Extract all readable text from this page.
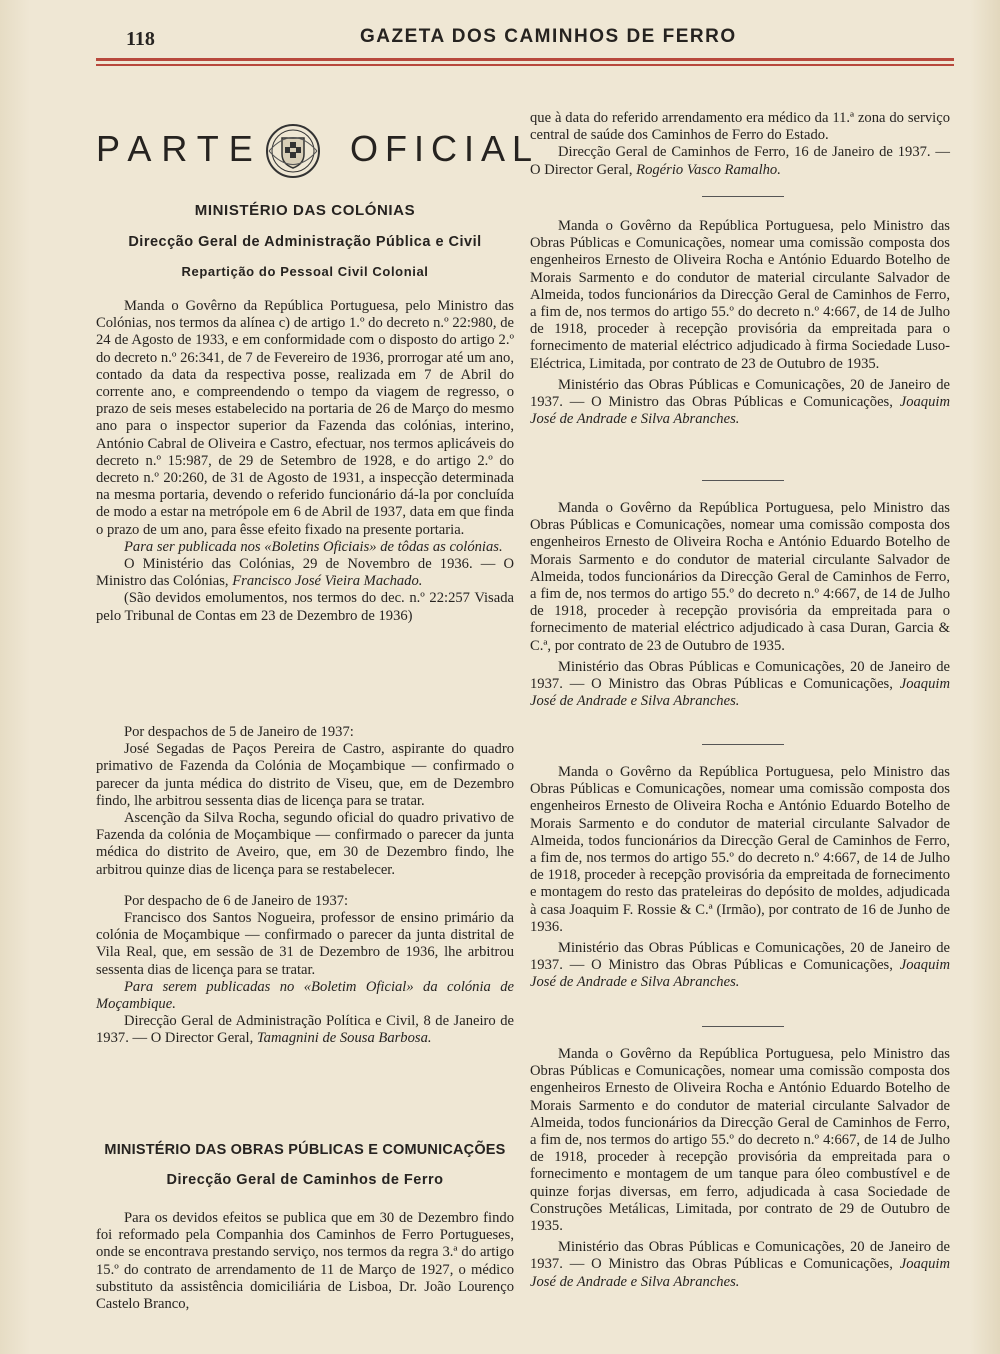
118	GAZETA DOS CAMINHOS DE FERRO
PARTE OFICIAL
MINISTÉRIO DAS COLÓNIAS
Direcção Geral de Administração Pública e Civil
Repartição do Pessoal Civil Colonial

Manda o Govêrno da República Portuguesa, pelo Ministro das Colónias, nos termos da alínea c) de artigo 1.º do decreto n.º 22:980, de 24 de Agosto de 1933, e em conformidade com o disposto do artigo 2.º do decreto n.º 26:341, de 7 de Fevereiro de 1936, prorrogar até um ano, contado da data da respectiva posse, realizada em 7 de Abril do corrente ano, e compreendendo o tempo da viagem de regresso, o prazo de seis meses estabelecido na portaria de 26 de Março do mesmo ano para o inspector superior da Fazenda das colónias, interino, António Cabral de Oliveira e Castro, efectuar, nos termos aplicáveis do decreto n.º 15:987, de 29 de Setembro de 1928, e do artigo 2.º do decreto n.º 20:260, de 31 de Agosto de 1931, a inspecção determinada na mesma portaria, devendo o referido funcionário dá-la por concluída de modo a estar na metrópole em 6 de Abril de 1937, data em que finda o prazo de um ano, para êsse efeito fixado na presente portaria.

Para ser publicada nos «Boletins Oficiais» de tôdas as colónias.

O Ministério das Colónias, 29 de Novembro de 1936. — O Ministro das Colónias, Francisco José Vieira Machado.

(São devidos emolumentos, nos termos do dec. n.º 22:257 Visada pelo Tribunal de Contas em 23 de Dezembro de 1936)

Por despachos de 5 de Janeiro de 1937:

José Segadas de Paços Pereira de Castro, aspirante do quadro primativo de Fazenda da Colónia de Moçambique — confirmado o parecer da junta médica do distrito de Viseu, que, em de Dezembro findo, lhe arbitrou sessenta dias de licença para se tratar.

Ascenção da Silva Rocha, segundo oficial do quadro privativo de Fazenda da colónia de Moçambique — confirmado o parecer da junta médica do distrito de Aveiro, que, em 30 de Dezembro findo, lhe arbitrou quinze dias de licença para se restabelecer.

Por despacho de 6 de Janeiro de 1937:

Francisco dos Santos Nogueira, professor de ensino primário da colónia de Moçambique — confirmado o parecer da junta distrital de Vila Real, que, em sessão de 31 de Dezembro de 1936, lhe arbitrou sessenta dias de licença para se tratar.

Para serem publicadas no «Boletim Oficial» da colónia de Moçambique.

Direcção Geral de Administração Política e Civil, 8 de Janeiro de 1937. — O Director Geral, Tamagnini de Sousa Barbosa.

MINISTÉRIO DAS OBRAS PÚBLICAS E COMUNICAÇÕES
Direcção Geral de Caminhos de Ferro

Para os devidos efeitos se publica que em 30 de Dezembro findo foi reformado pela Companhia dos Caminhos de Ferro Portugueses, onde se encontrava prestando serviço, nos termos da regra 3.ª do artigo 15.º do contrato de arrendamento de 11 de Março de 1927, o médico substituto da assistência domiciliária de Lisboa, Dr. João Lourenço Castelo Branco,

que à data do referido arrendamento era médico da 11.ª zona do serviço central de saúde dos Caminhos de Ferro do Estado.

Direcção Geral de Caminhos de Ferro, 16 de Janeiro de 1937. — O Director Geral, Rogério Vasco Ramalho.

Manda o Govêrno da República Portuguesa, pelo Ministro das Obras Públicas e Comunicações, nomear uma comissão composta dos engenheiros Ernesto de Oliveira Rocha e António Eduardo Botelho de Morais Sarmento e do condutor de material circulante Salvador de Almeida, todos funcionários da Direcção Geral de Caminhos de Ferro, a fim de, nos termos do artigo 55.º do decreto n.º 4:667, de 14 de Julho de 1918, proceder à recepção provisória da empreitada para o fornecimento de material eléctrico adjudicado à firma Sociedade Luso-Eléctrica, Limitada, por contrato de 23 de Outubro de 1935.

Ministério das Obras Públicas e Comunicações, 20 de Janeiro de 1937. — O Ministro das Obras Públicas e Comunicações, Joaquim José de Andrade e Silva Abranches.

Manda o Govêrno da República Portuguesa, pelo Ministro das Obras Públicas e Comunicações, nomear uma comissão composta dos engenheiros Ernesto de Oliveira Rocha e António Eduardo Botelho de Morais Sarmento e do condutor de material circulante Salvador de Almeida, todos funcionários da Direcção Geral de Caminhos de Ferro, a fim de, nos termos do artigo 55.º do decreto n.º 4:667, de 14 de Julho de 1918, proceder à recepção provisória da empreitada para o fornecimento de material eléctrico adjudicado à casa Duran, Garcia & C.ª, por contrato de 23 de Outubro de 1935.

Ministério das Obras Públicas e Comunicações, 20 de Janeiro de 1937. — O Ministro das Obras Públicas e Comunicações, Joaquim José de Andrade e Silva Abranches.

Manda o Govêrno da República Portuguesa, pelo Ministro das Obras Públicas e Comunicações, nomear uma comissão composta dos engenheiros Ernesto de Oliveira Rocha e António Eduardo Botelho de Morais Sarmento e do condutor de material circulante Salvador de Almeida, todos funcionários da Direcção Geral de Caminhos de Ferro, a fim de, nos termos do artigo 55.º do decreto n.º 4:667, de 14 de Julho de 1918, proceder à recepção provisória da empreitada de fornecimento e montagem do resto das prateleiras do depósito de moldes, adjudicada à casa Joaquim F. Rossie & C.ª (Irmão), por contrato de 16 de Junho de 1936.

Ministério das Obras Públicas e Comunicações, 20 de Janeiro de 1937. — O Ministro das Obras Públicas e Comunicações, Joaquim José de Andrade e Silva Abranches.

Manda o Govêrno da República Portuguesa, pelo Ministro das Obras Públicas e Comunicações, nomear uma comissão composta dos engenheiros Ernesto de Oliveira Rocha e António Eduardo Botelho de Morais Sarmento e do condutor de material circulante Salvador de Almeida, todos funcionários da Direcção Geral de Caminhos de Ferro, a fim de, nos termos do artigo 55.º do decreto n.º 4:667, de 14 de Julho de 1918, proceder à recepção provisória da empreitada para o fornecimento e montagem de um tanque para óleo combustível e de quinze forjas diversas, em ferro, adjudicada à casa Sociedade de Construções Metálicas, Limitada, por contrato de 29 de Outubro de 1935.

Ministério das Obras Públicas e Comunicações, 20 de Janeiro de 1937. — O Ministro das Obras Públicas e Comunicações, Joaquim José de Andrade e Silva Abranches.
